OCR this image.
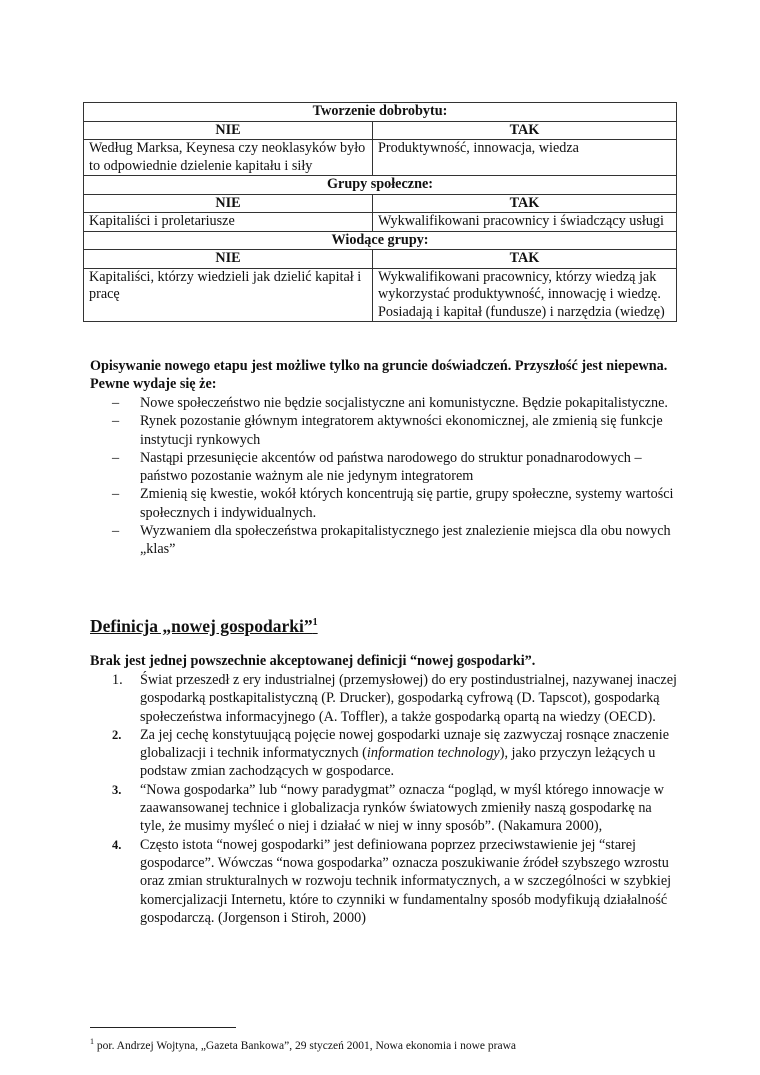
Tworzenie dobrobytu:	
NIE	TAK
Według Marksa, Keynesa czy neoklasyków było to odpowiednie dzielenie kapitału i siły	Produktywność, innowacja, wiedza
Grupy społeczne:	
NIE	TAK
Kapitaliści i proletariusze	Wykwalifikowani pracownicy i świadczący usługi
Wiodące grupy:	
NIE	TAK
Kapitaliści, którzy wiedzieli jak dzielić kapitał i pracę	Wykwalifikowani pracownicy, którzy wiedzą jak wykorzystać produktywność, innowację i wiedzę. Posiadają i kapitał (fundusze) i narzędzia (wiedzę)
Opisywanie nowego etapu jest możliwe tylko na gruncie doświadczeń. Przyszłość jest niepewna. Pewne wydaje się że:
– Nowe społeczeństwo nie będzie socjalistyczne ani komunistyczne. Będzie pokapitalistyczne.
– Rynek pozostanie głównym integratorem aktywności ekonomicznej, ale zmienią się funkcje instytucji rynkowych
– Nastąpi przesunięcie akcentów od państwa narodowego do struktur ponadnarodowych – państwo pozostanie ważnym ale nie jedynym integratorem
– Zmienią się kwestie, wokół których koncentrują się partie, grupy społeczne, systemy wartości społecznych i indywidualnych.
– Wyzwaniem dla społeczeństwa prokapitalistycznego jest znalezienie miejsca dla obu nowych „klas”
Definicja „nowej gospodarki”$^1$
Brak jest jednej powszechnie akceptowanej definicji “nowej gospodarki”.
1. Świat przeszedł z ery industrialnej (przemysłowej) do ery postindustrialnej, nazywanej inaczej gospodarką postkapitalistyczną (P. Drucker), gospodarką cyfrową (D. Tapscot), gospodarką społeczeństwa informacyjnego (A. Toffler), a także gospodarką opartą na wiedzy (OECD).
2. Za jej cechę konstytuującą pojęcie nowej gospodarki uznaje się zazwyczaj rosnące znaczenie globalizacji i technik informatycznych (information technology), jako przyczyn leżących u podstaw zmian zachodzących w gospodarce.
3. “Nowa gospodarka” lub “nowy paradygmat” oznacza “pogląd, w myśl którego innowacje w zaawansowanej technice i globalizacja rynków światowych zmieniły naszą gospodarkę na tyle, że musimy myśleć o niej i działać w niej w inny sposób”. (Nakamura 2000),
4. Często istota “nowej gospodarki” jest definiowana poprzez przeciwstawienie jej “starej gospodarce”. Wówczas “nowa gospodarka” oznacza poszukiwanie źródeł szybszego wzrostu oraz zmian strukturalnych w rozwoju technik informatycznych, a w szczególności w szybkiej komercjalizacji Internetu, które to czynniki w fundamentalny sposób modyfikują działalność gospodarczą. (Jorgenson i Stiroh, 2000)
$^1$ por. Andrzej Wojtyna, „Gazeta Bankowa”, 29 styczeń 2001, Nowa ekonomia i nowe prawa
